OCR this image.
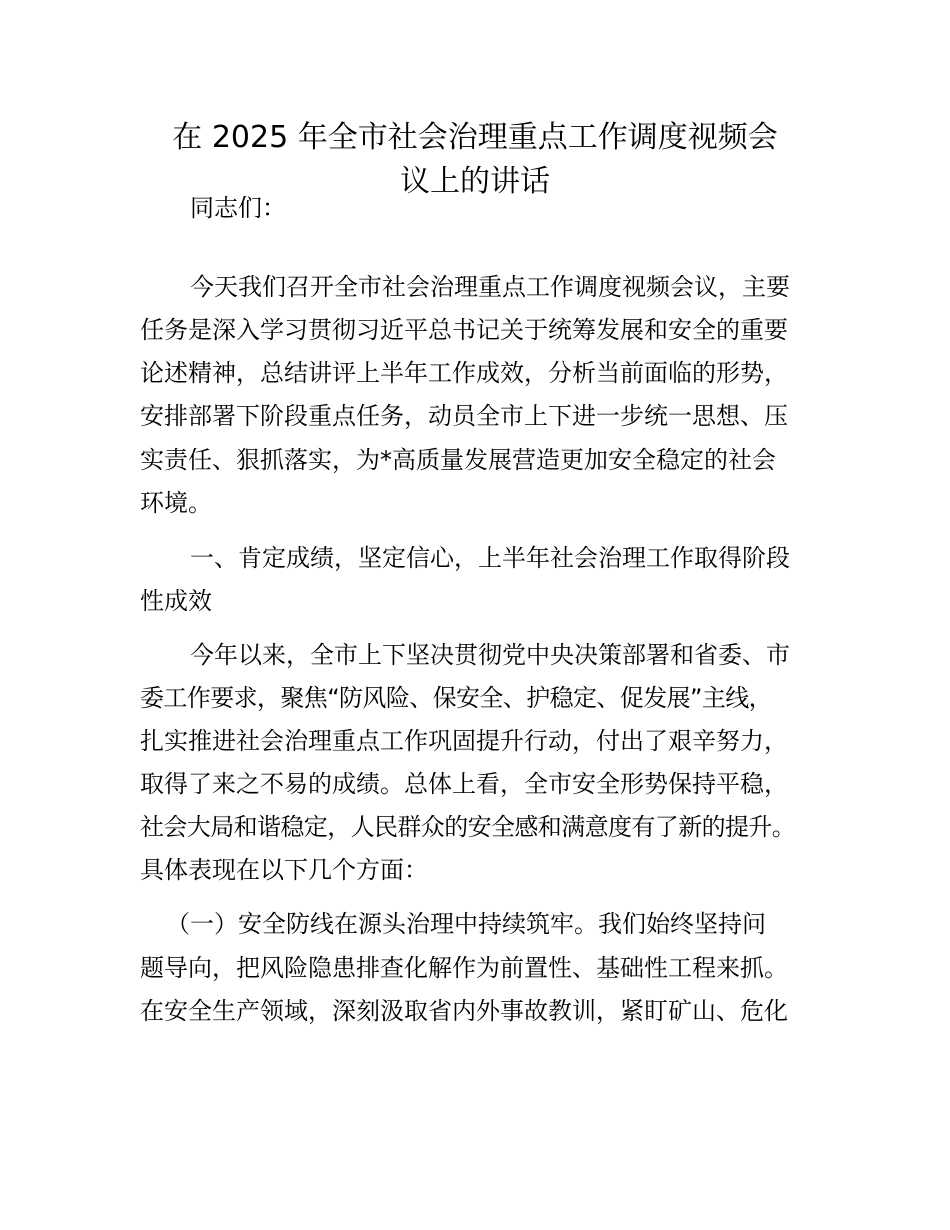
在 2025 年全市社会治理重点工作调度视频会
议上的讲话

同志们：

今天我们召开全市社会治理重点工作调度视频会议，主要

任务是深入学习贯彻习近平总书记关于统筹发展和安全的重要

论述精神，总结讲评上半年工作成效，分析当前面临的形势，

安排部署下阶段重点任务，动员全市上下进一步统一思想、压

实责任、狠抓落实，为*高质量发展营造更加安全稳定的社会

环境。

一、肯定成绩，坚定信心，上半年社会治理工作取得阶段

性成效

今年以来，全市上下坚决贯彻党中央决策部署和省委、市

委工作要求，聚焦“防风险、保安全、护稳定、促发展”主线，

扎实推进社会治理重点工作巩固提升行动，付出了艰辛努力，

取得了来之不易的成绩。总体上看，全市安全形势保持平稳，

社会大局和谐稳定，人民群众的安全感和满意度有了新的提升。

具体表现在以下几个方面：

（一）安全防线在源头治理中持续筑牢。我们始终坚持问

题导向，把风险隐患排查化解作为前置性、基础性工程来抓。

在安全生产领域，深刻汲取省内外事故教训，紧盯矿山、危化
